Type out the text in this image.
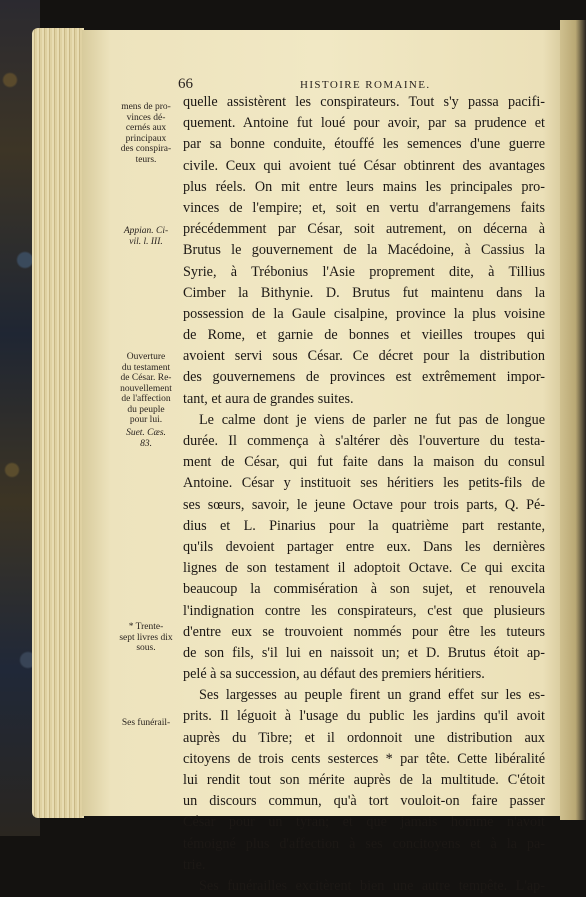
66	HISTOIRE ROMAINE.
mens de pro-
vinces dé-
cernés aux
principaux
des conspira-
teurs.
Appian. Ci-
vil. l. III.
Ouverture
du testament
de César. Re-
nouvellement
de l'affection
du peuple
pour lui.
Suet. Cæs.
83.
* Trente-
sept livres dix
sous.
Ses funérail-
quelle assistèrent les conspirateurs. Tout s'y passa pacifi-
quement. Antoine fut loué pour avoir, par sa prudence et
par sa bonne conduite, étouffé les semences d'une guerre
civile. Ceux qui avoient tué César obtinrent des avantages
plus réels. On mit entre leurs mains les principales pro-
vinces de l'empire; et, soit en vertu d'arrangemens faits
précédemment par César, soit autrement, on décerna à
Brutus le gouvernement de la Macédoine, à Cassius la
Syrie, à Trébonius l'Asie proprement dite, à Tillius
Cimber la Bithynie. D. Brutus fut maintenu dans la
possession de la Gaule cisalpine, province la plus voisine
de Rome, et garnie de bonnes et vieilles troupes qui
avoient servi sous César. Ce décret pour la distribution
des gouvernemens de provinces est extrêmement impor-
tant, et aura de grandes suites.
Le calme dont je viens de parler ne fut pas de longue
durée. Il commença à s'altérer dès l'ouverture du testa-
ment de César, qui fut faite dans la maison du consul
Antoine. César y instituoit ses héritiers les petits-fils de
ses sœurs, savoir, le jeune Octave pour trois parts, Q. Pé-
dius et L. Pinarius pour la quatrième part restante,
qu'ils devoient partager entre eux. Dans les dernières
lignes de son testament il adoptoit Octave. Ce qui excita
beaucoup la commisération à son sujet, et renouvela
l'indignation contre les conspirateurs, c'est que plusieurs
d'entre eux se trouvoient nommés pour être les tuteurs
de son fils, s'il lui en naissoit un; et D. Brutus étoit ap-
pelé à sa succession, au défaut des premiers héritiers.
Ses largesses au peuple firent un grand effet sur les es-
prits. Il léguoit à l'usage du public les jardins qu'il avoit
auprès du Tibre; et il ordonnoit une distribution aux
citoyens de trois cents sesterces * par tête. Cette libéralité
lui rendit tout son mérite auprès de la multitude. C'étoit
un discours commun, qu'à tort vouloit-on faire passer
César pour un tyran; et que jamais homme n'avoit
témoigné plus d'affection à ses concitoyens et à la pa-
trie.
Ses funérailles excitèrent bien une autre tempête. L'ap-
